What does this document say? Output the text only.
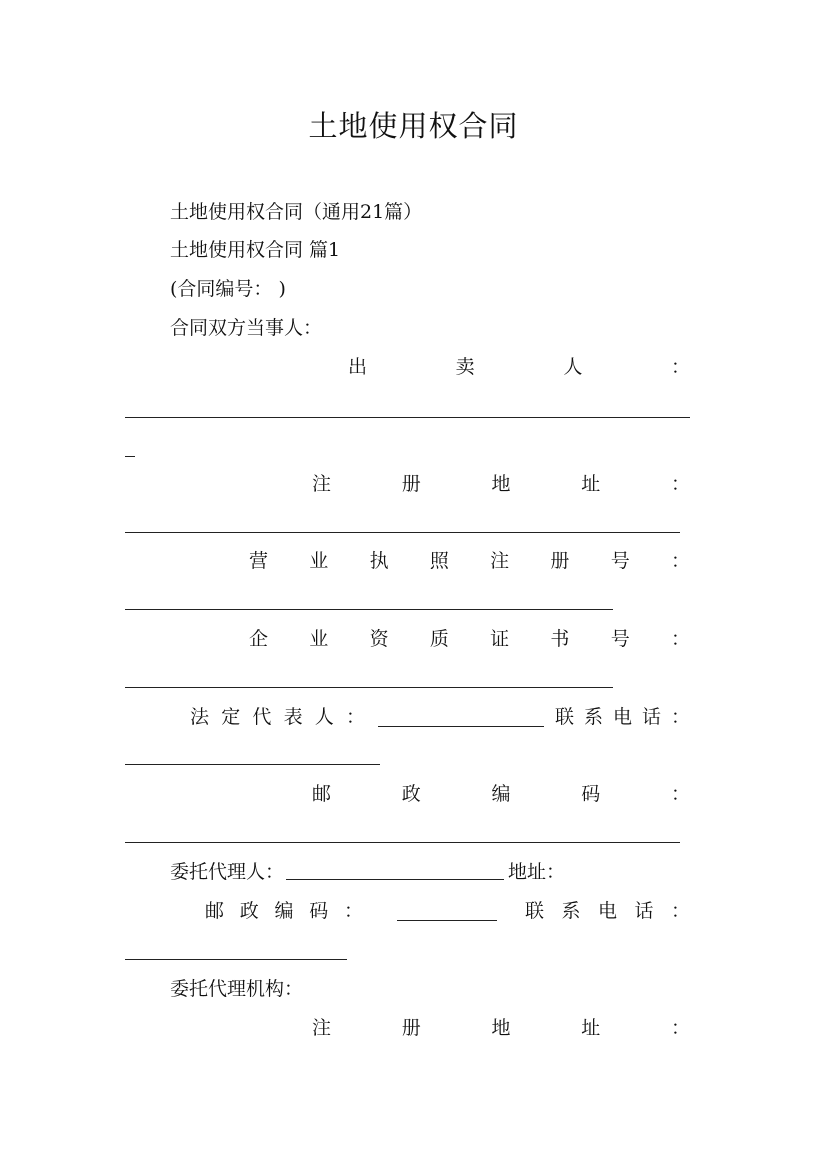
土地使用权合同
土地使用权合同（通用21篇）
土地使用权合同 篇1
(合同编号： )
合同双方当事人：
出	卖	人	：
注	册	地	址	：
营 业 执 照 注 册 号 ：
企 业 资 质 证 书 号 ：
法 定 代 表 人 ：	联 系 电 话 ：
邮	政	编	码	：
委托代理人：	地址：
邮 政 编 码 ：	联 系 电 话 ：
委托代理机构：
注	册	地	址	：
